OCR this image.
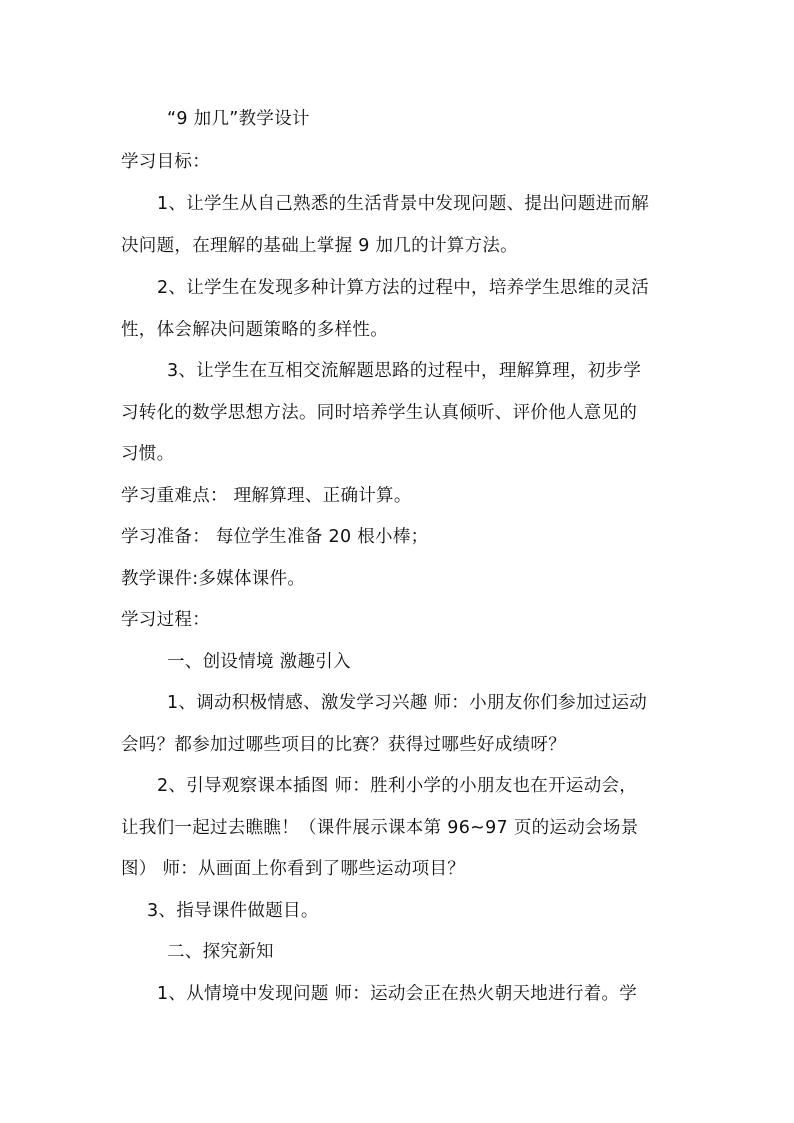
“9 加几”教学设计
学习目标：
1、让学生从自己熟悉的生活背景中发现问题、提出问题进而解
决问题，在理解的基础上掌握 9 加几的计算方法。
2、让学生在发现多种计算方法的过程中，培养学生思维的灵活
性，体会解决问题策略的多样性。
3、让学生在互相交流解题思路的过程中，理解算理，初步学
习转化的数学思想方法。同时培养学生认真倾听、评价他人意见的
习惯。
学习重难点： 理解算理、正确计算。
学习准备： 每位学生准备 20 根小棒；
教学课件:多媒体课件。
学习过程：
一、创设情境 激趣引入
1、调动积极情感、激发学习兴趣 师：小朋友你们参加过运动
会吗？都参加过哪些项目的比赛？获得过哪些好成绩呀？
2、引导观察课本插图 师：胜利小学的小朋友也在开运动会，
让我们一起过去瞧瞧！（课件展示课本第 96~97 页的运动会场景
图） 师：从画面上你看到了哪些运动项目？
3、指导课件做题目。
二、探究新知
1、从情境中发现问题 师：运动会正在热火朝天地进行着。学
